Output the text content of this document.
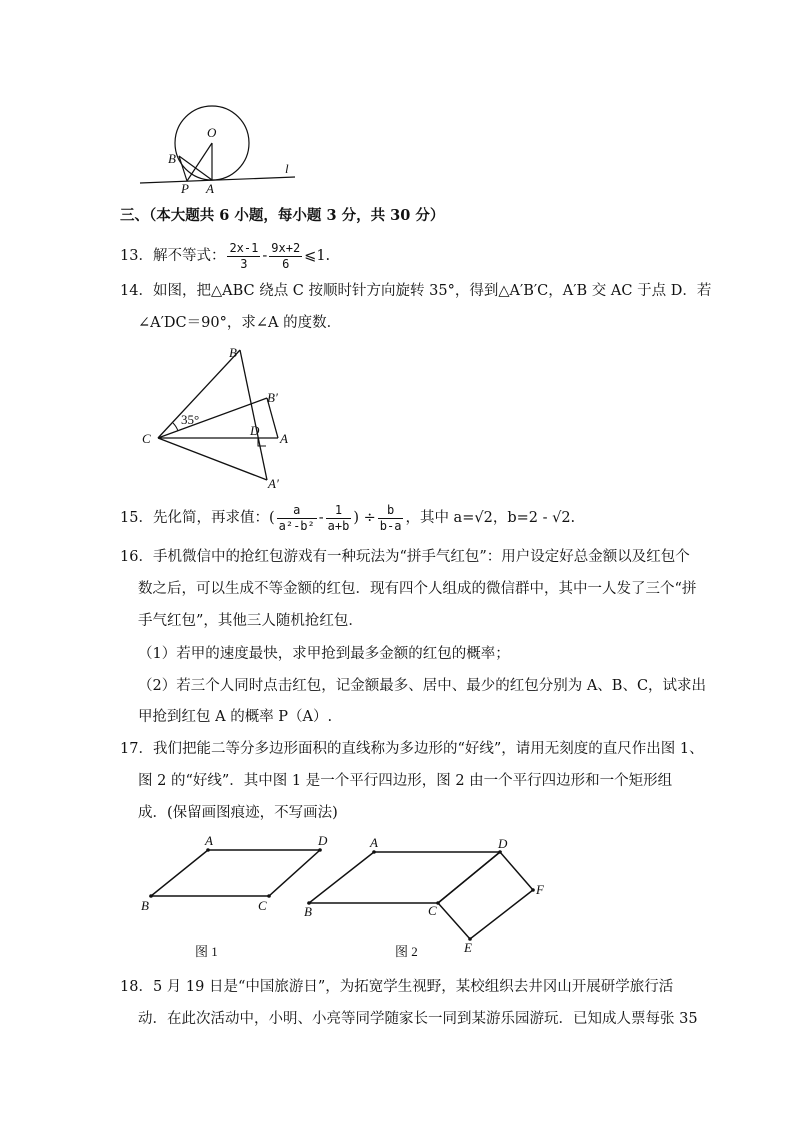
O
B
P A
l
三、（本大题共 6 小题，每小题 3 分，共 30 分）
13．解不等式： $\frac{2x-1}{3} - \frac{9x+2}{6}$ ⩽1.
14．如图，把△ABC 绕点 C 按顺时针方向旋转 35°，得到△A′B′C，A′B 交 AC 于点 D．若
∠A′DC＝90°，求∠A 的度数．
B
B′
35°
C
D
A
A′
15．先化简，再求值：( $\frac{a}{\text{a²-b²}} - \frac{1}{a+b}$ ) ÷ $\frac{b}{b-a}$ ，其中 a=√2，b=2 - √2.
16．手机微信中的抢红包游戏有一种玩法为“拼手气红包”：用户设定好总金额以及红包个
数之后，可以生成不等金额的红包．现有四个人组成的微信群中，其中一人发了三个“拼
手气红包”，其他三人随机抢红包．
（1）若甲的速度最快，求甲抢到最多金额的红包的概率；
（2）若三个人同时点击红包，记金额最多、居中、最少的红包分别为 A、B、C，试求出
甲抢到红包 A 的概率 P（A）.
17．我们把能二等分多边形面积的直线称为多边形的“好线”，请用无刻度的直尺作出图 1、
图 2 的“好线”．其中图 1 是一个平行四边形，图 2 由一个平行四边形和一个矩形组
成．(保留画图痕迹，不写画法)
A	D
B	C
图 1
A	D
F
B	C
E
图 2
18．5 月 19 日是“中国旅游日”，为拓宽学生视野，某校组织去井冈山开展研学旅行活
动．在此次活动中，小明、小亮等同学随家长一同到某游乐园游玩．已知成人票每张 35
